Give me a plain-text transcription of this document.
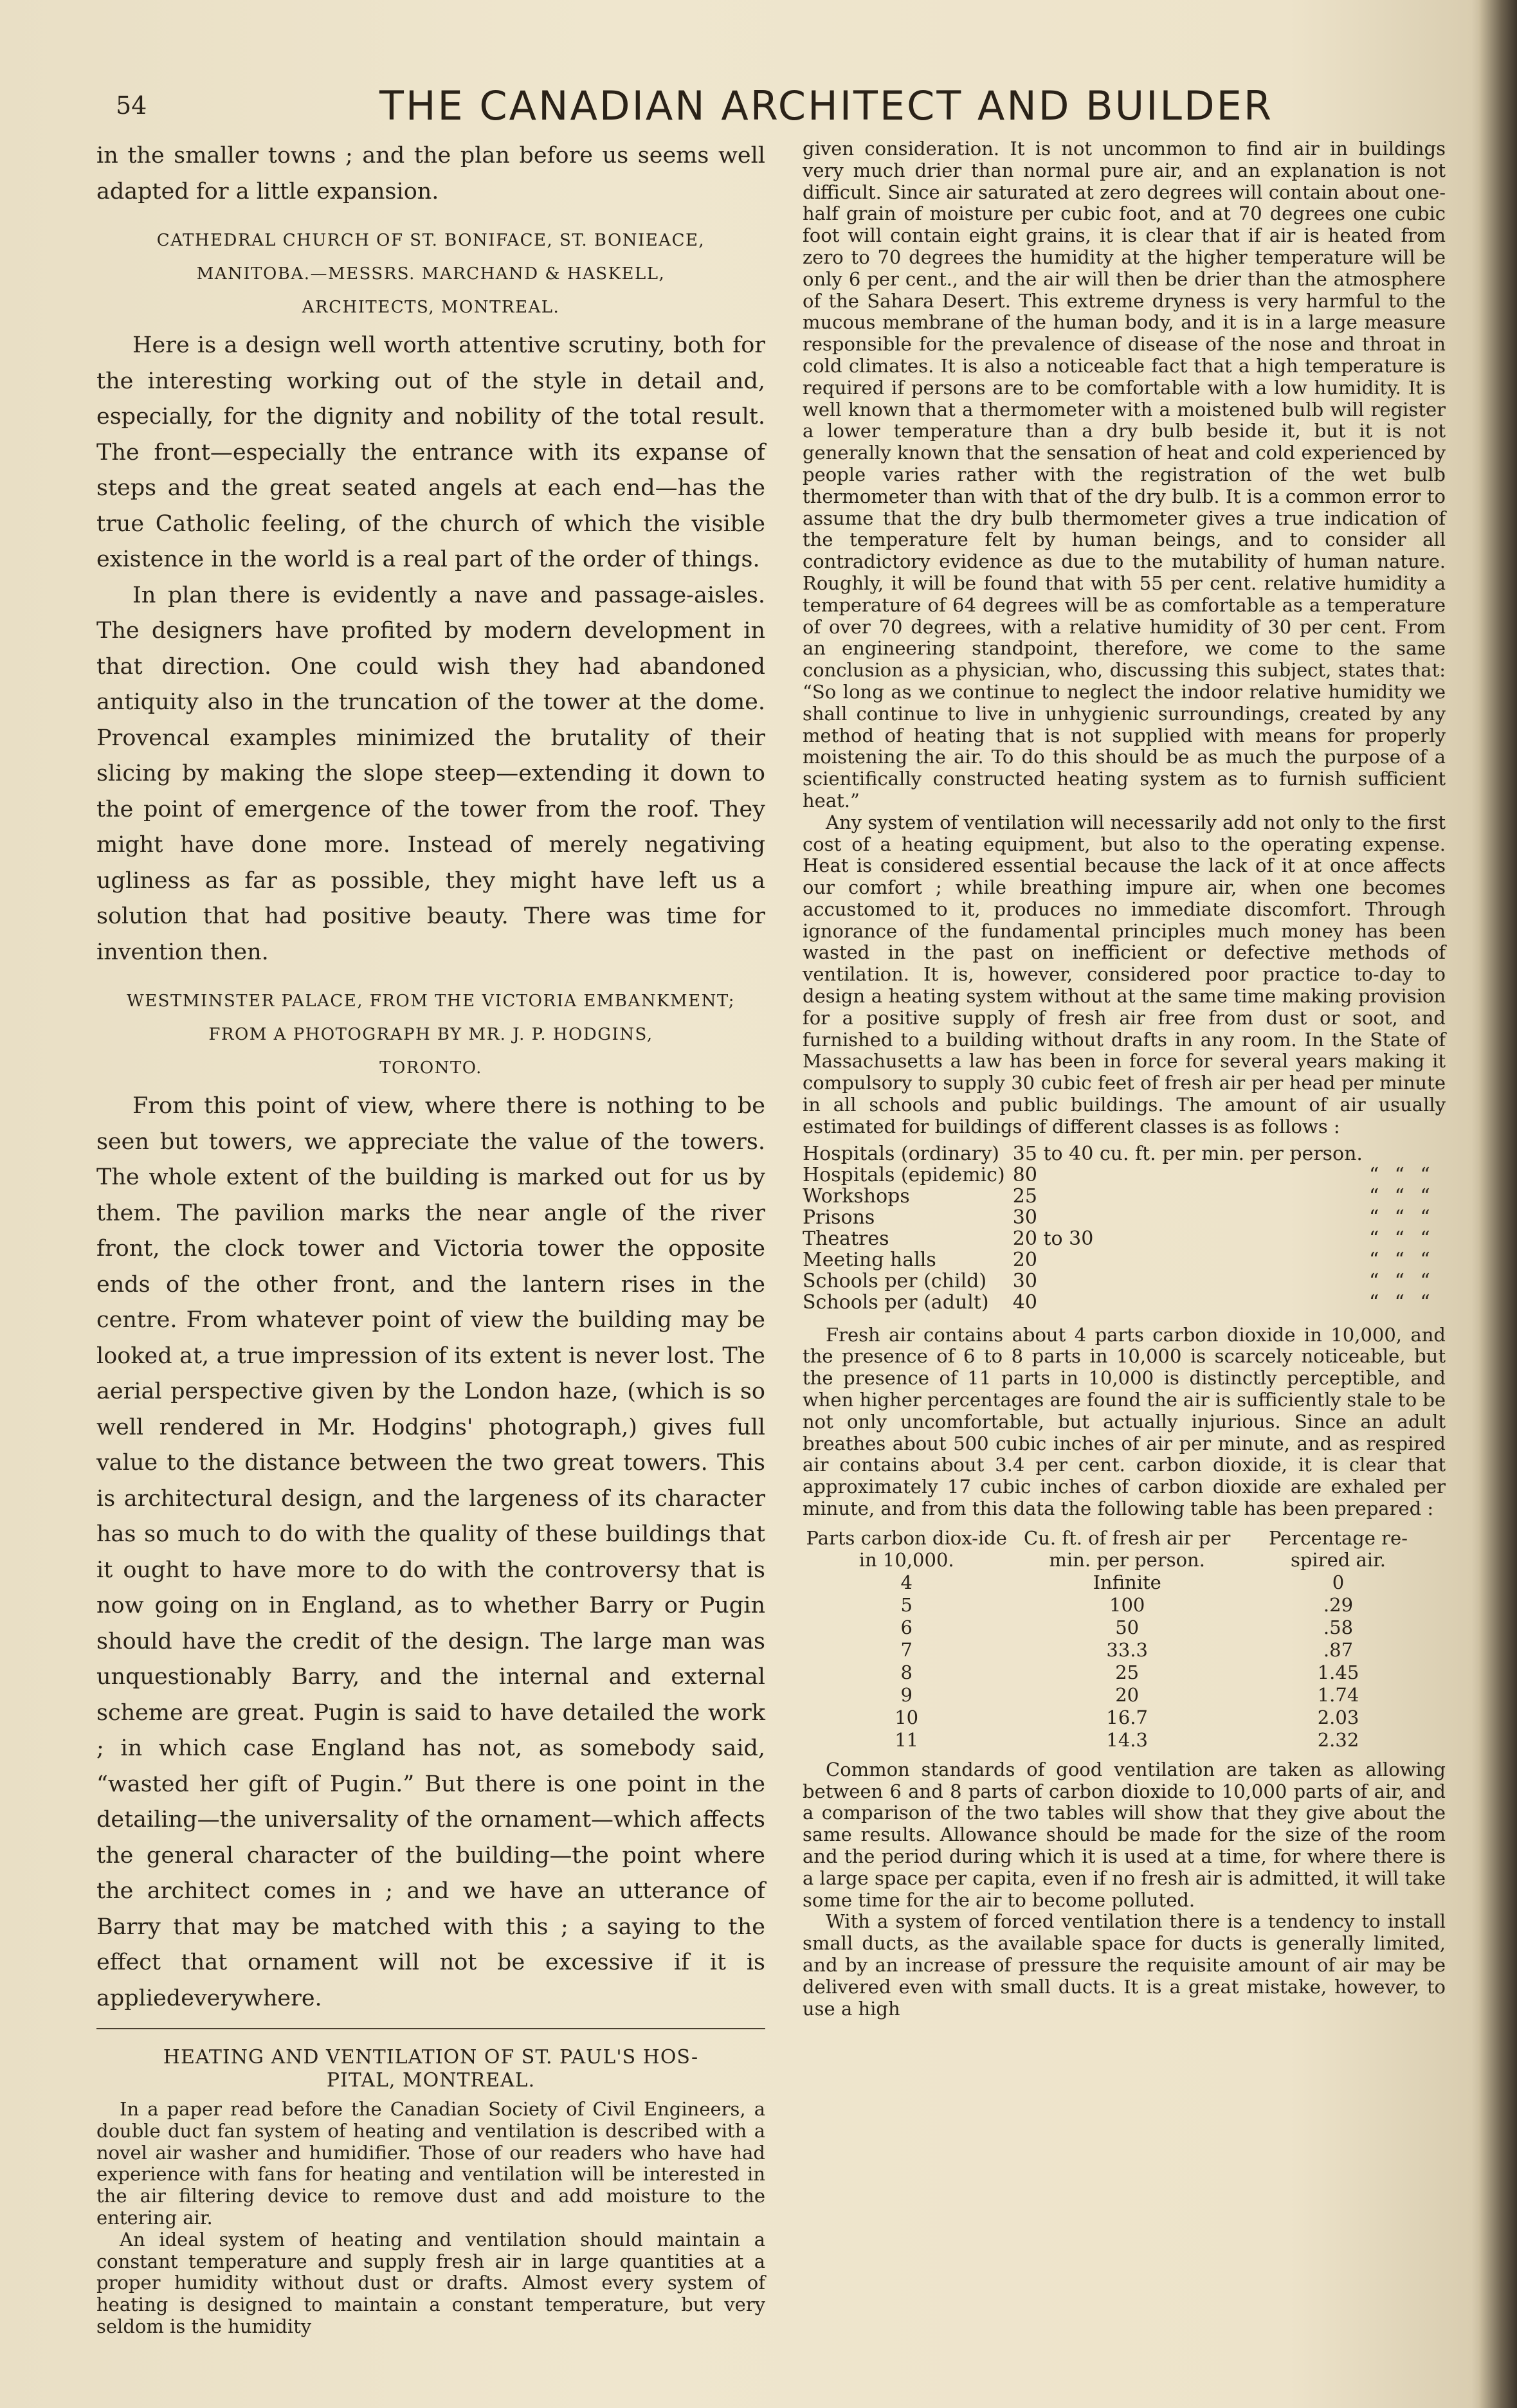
54	THE CANADIAN ARCHITECT AND BUILDER

in the smaller towns ; and the plan before us seems well adapted for a little expansion.

CATHEDRAL CHURCH OF ST. BONIFACE, ST. BONIEACE,
MANITOBA.—MESSRS. MARCHAND & HASKELL,
ARCHITECTS, MONTREAL.

Here is a design well worth attentive scrutiny, both for the interesting working out of the style in detail and, especially, for the dignity and nobility of the total result. The front—especially the entrance with its expanse of steps and the great seated angels at each end—has the true Catholic feeling, of the church of which the visible existence in the world is a real part of the order of things.

In plan there is evidently a nave and passage-aisles. The designers have profited by modern development in that direction. One could wish they had abandoned antiquity also in the truncation of the tower at the dome. Provencal examples minimized the brutality of their slicing by making the slope steep—extending it down to the point of emergence of the tower from the roof. They might have done more. Instead of merely negativing ugliness as far as possible, they might have left us a solution that had positive beauty. There was time for invention then.

WESTMINSTER PALACE, FROM THE VICTORIA EMBANKMENT;
FROM A PHOTOGRAPH BY MR. J. P. HODGINS,
TORONTO.

From this point of view, where there is nothing to be seen but towers, we appreciate the value of the towers. The whole extent of the building is marked out for us by them. The pavilion marks the near angle of the river front, the clock tower and Victoria tower the opposite ends of the other front, and the lantern rises in the centre. From whatever point of view the building may be looked at, a true impression of its extent is never lost. The aerial perspective given by the London haze, (which is so well rendered in Mr. Hodgins' photograph,) gives full value to the distance between the two great towers. This is architectural design, and the largeness of its character has so much to do with the quality of these buildings that it ought to have more to do with the controversy that is now going on in England, as to whether Barry or Pugin should have the credit of the design. The large man was unquestionably Barry, and the internal and external scheme are great. Pugin is said to have detailed the work ; in which case England has not, as somebody said, “wasted her gift of Pugin.” But there is one point in the detailing—the universality of the ornament—which affects the general character of the building—the point where the architect comes in ; and we have an utterance of Barry that may be matched with this ; a saying to the effect that ornament will not be excessive if it is appliedeverywhere.

HEATING AND VENTILATION OF ST. PAUL'S HOS-
PITAL, MONTREAL.

In a paper read before the Canadian Society of Civil Engineers, a double duct fan system of heating and ventilation is described with a novel air washer and humidifier. Those of our readers who have had experience with fans for heating and ventilation will be interested in the air filtering device to remove dust and add moisture to the entering air.

An ideal system of heating and ventilation should maintain a constant temperature and supply fresh air in large quantities at a proper humidity without dust or drafts. Almost every system of heating is designed to maintain a constant temperature, but very seldom is the humidity

given consideration. It is not uncommon to find air in buildings very much drier than normal pure air, and an explanation is not difficult. Since air saturated at zero degrees will contain about one-half grain of moisture per cubic foot, and at 70 degrees one cubic foot will contain eight grains, it is clear that if air is heated from zero to 70 degrees the humidity at the higher temperature will be only 6 per cent., and the air will then be drier than the atmosphere of the Sahara Desert. This extreme dryness is very harmful to the mucous membrane of the human body, and it is in a large measure responsible for the prevalence of disease of the nose and throat in cold climates. It is also a noticeable fact that a high temperature is required if persons are to be comfortable with a low humidity. It is well known that a thermometer with a moistened bulb will register a lower temperature than a dry bulb beside it, but it is not generally known that the sensation of heat and cold experienced by people varies rather with the registration of the wet bulb thermometer than with that of the dry bulb. It is a common error to assume that the dry bulb thermometer gives a true indication of the temperature felt by human beings, and to consider all contradictory evidence as due to the mutability of human nature. Roughly, it will be found that with 55 per cent. relative humidity a temperature of 64 degrees will be as comfortable as a temperature of over 70 degrees, with a relative humidity of 30 per cent. From an engineering standpoint, therefore, we come to the same conclusion as a physician, who, discussing this subject, states that: “So long as we continue to neglect the indoor relative humidity we shall continue to live in unhygienic surroundings, created by any method of heating that is not supplied with means for properly moistening the air. To do this should be as much the purpose of a scientifically constructed heating system as to furnish sufficient heat.”

Any system of ventilation will necessarily add not only to the first cost of a heating equipment, but also to the operating expense. Heat is considered essential because the lack of it at once affects our comfort ; while breathing impure air, when one becomes accustomed to it, produces no immediate discomfort. Through ignorance of the fundamental principles much money has been wasted in the past on inefficient or defective methods of ventilation. It is, however, considered poor practice to-day to design a heating system without at the same time making provision for a positive supply of fresh air free from dust or soot, and furnished to a building without drafts in any room. In the State of Massachusetts a law has been in force for several years making it compulsory to supply 30 cubic feet of fresh air per head per minute in all schools and public buildings. The amount of air usually estimated for buildings of different classes is as follows :

Hospitals (ordinary)	35 to 40 cu. ft. per min. per person.			
Hospitals (epidemic)	80	“	“	“
Workshops	25	“	“	“
Prisons	30	“	“	“
Theatres	20 to 30	“	“	“
Meeting halls	20	“	“	“
Schools per (child)	30	“	“	“
Schools per (adult)	40	“	“	“

Fresh air contains about 4 parts carbon dioxide in 10,000, and the presence of 6 to 8 parts in 10,000 is scarcely noticeable, but the presence of 11 parts in 10,000 is distinctly perceptible, and when higher percentages are found the air is sufficiently stale to be not only uncomfortable, but actually injurious. Since an adult breathes about 500 cubic inches of air per minute, and as respired air contains about 3.4 per cent. carbon dioxide, it is clear that approximately 17 cubic inches of carbon dioxide are exhaled per minute, and from this data the following table has been prepared :

Parts carbon diox-ide in 10,000.	Cu. ft. of fresh air per min. per person.	Percentage re-spired air.
4	Infinite	0
5	100	.29
6	50	.58
7	33.3	.87
8	25	1.45
9	20	1.74
10	16.7	2.03
11	14.3	2.32

Common standards of good ventilation are taken as allowing between 6 and 8 parts of carbon dioxide to 10,000 parts of air, and a comparison of the two tables will show that they give about the same results. Allowance should be made for the size of the room and the period during which it is used at a time, for where there is a large space per capita, even if no fresh air is admitted, it will take some time for the air to become polluted.

With a system of forced ventilation there is a tendency to install small ducts, as the available space for ducts is generally limited, and by an increase of pressure the requisite amount of air may be delivered even with small ducts. It is a great mistake, however, to use a high
